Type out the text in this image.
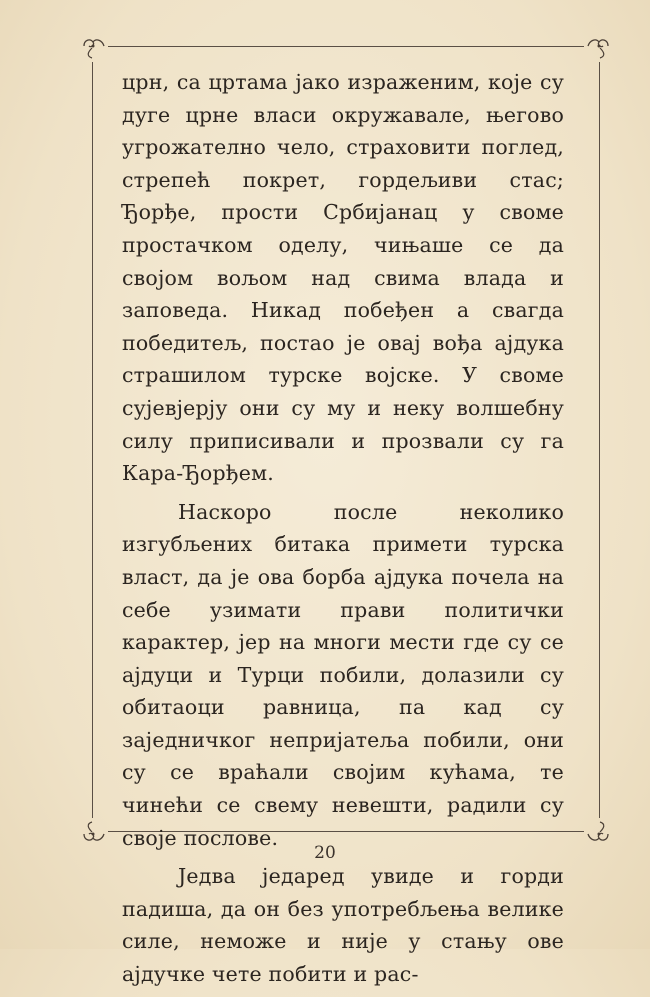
црн, са цртама јако израженим, које су дуге црне власи окружавале, његово угрожателно чело, страховити поглед, стрепећ покрет, гордељиви стас; Ђорђе, прости Србијанац у своме простачком оделу, чињаше се да својом вољом над свима влада и заповеда. Никад побеђен а свагда победитељ, постао је овај вођа ајдука страшилом турске војске. У своме сујевјерју они су му и неку волшебну силу приписивали и прозвали су га Кара-Ђорђем.

Наскоро после неколико изгубљених битака примети турска власт, да је ова борба ајдука почела на себе узимати прави политички карактер, јер на многи мести где су се ајдуци и Турци побили, долазили су обитаоци равница, па кад су заједничког непријатеља побили, они су се враћали својим кућама, те чинећи се свему невешти, радили су своје послове.

Једва једаред увиде и горди падиша, да он без употребљења велике силе, неможе и није у стању ове ајдучке чете побити и рас-

20
